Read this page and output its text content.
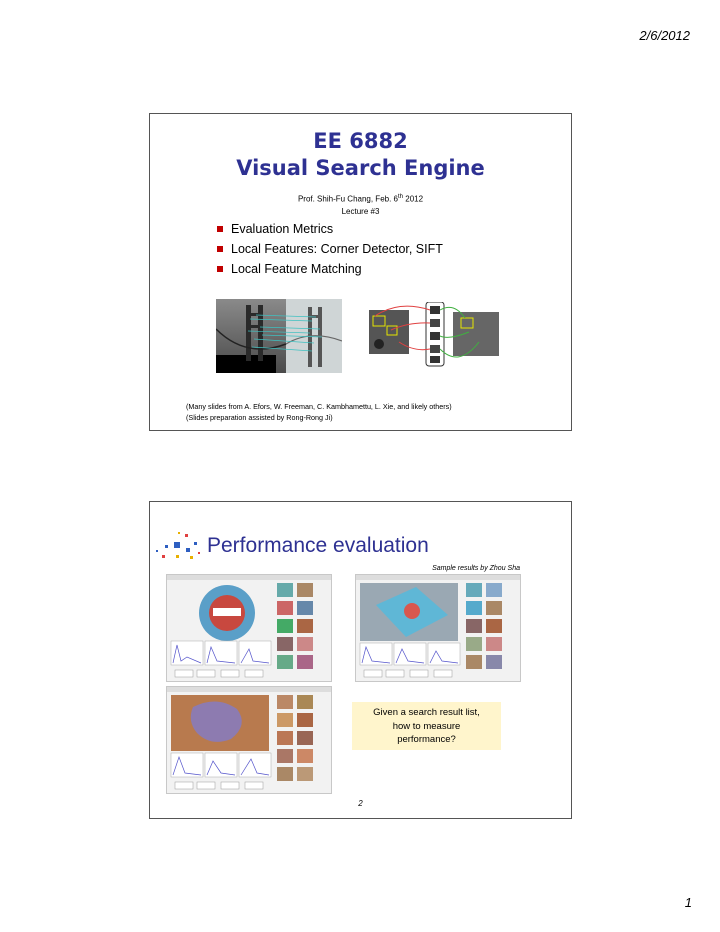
2/6/2012
EE 6882
Visual Search Engine
Prof. Shih-Fu Chang, Feb. 6th 2012
Lecture #3
Evaluation Metrics
Local Features: Corner Detector, SIFT
Local Feature Matching
(Many slides from A. Efors, W. Freeman, C. Kambhamettu, L. Xie, and likely others)
(Slides preparation assisted by Rong-Rong Ji)
Performance evaluation
Sample results by Zhou Sha
Given a search result list,
how to measure
performance?
2
1
